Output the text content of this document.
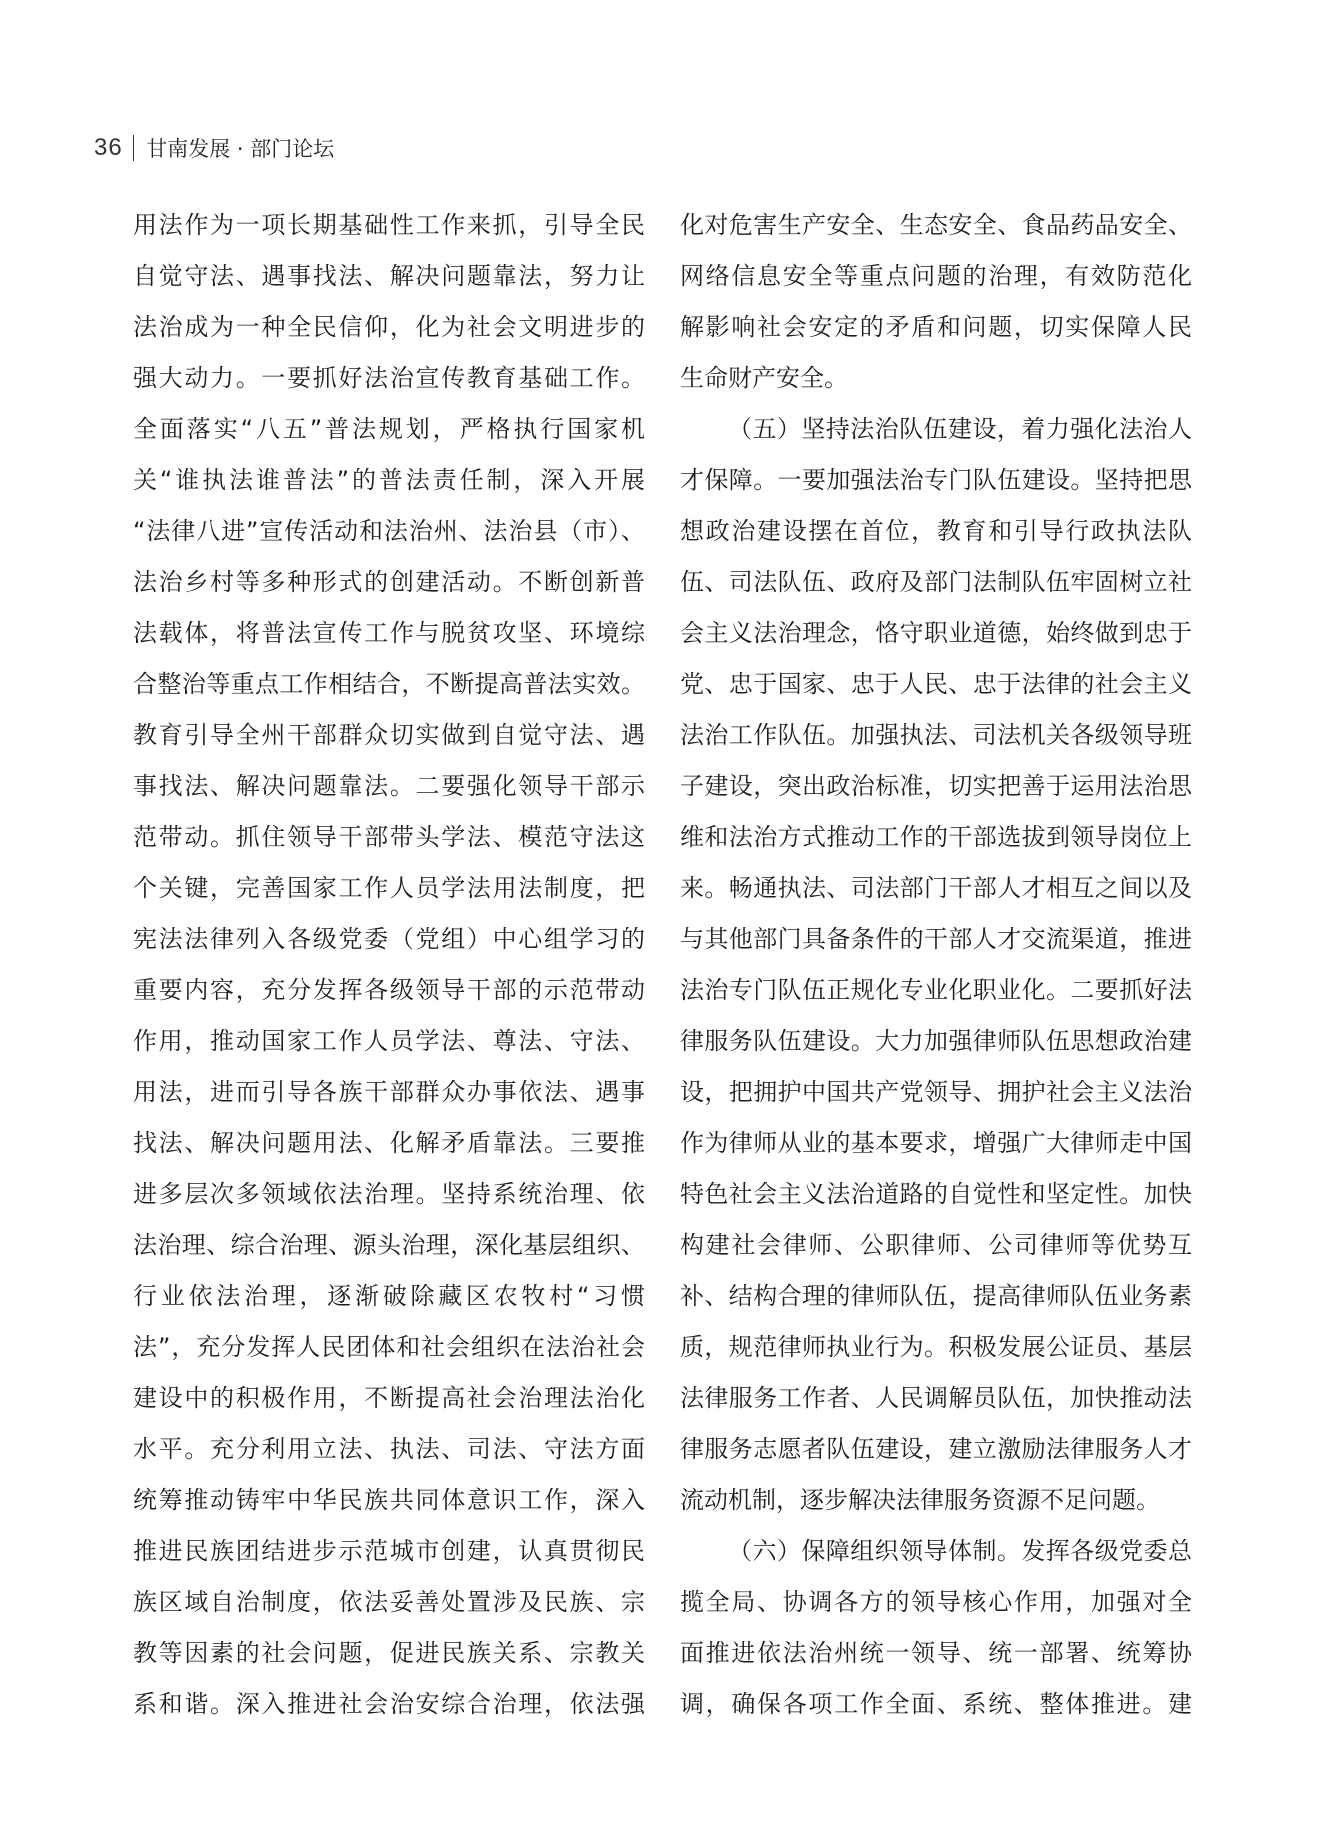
36 甘南发展 · 部门论坛
用法作为一项长期基础性工作来抓，引导全民
自觉守法、遇事找法、解决问题靠法，努力让
法治成为一种全民信仰，化为社会文明进步的
强大动力。一要抓好法治宣传教育基础工作。
全面落实“八五”普法规划，严格执行国家机
关“谁执法谁普法”的普法责任制，深入开展
“法律八进”宣传活动和法治州、法治县（市）、
法治乡村等多种形式的创建活动。不断创新普
法载体，将普法宣传工作与脱贫攻坚、环境综
合整治等重点工作相结合，不断提高普法实效。
教育引导全州干部群众切实做到自觉守法、遇
事找法、解决问题靠法。二要强化领导干部示
范带动。抓住领导干部带头学法、模范守法这
个关键，完善国家工作人员学法用法制度，把
宪法法律列入各级党委（党组）中心组学习的
重要内容，充分发挥各级领导干部的示范带动
作用，推动国家工作人员学法、尊法、守法、
用法，进而引导各族干部群众办事依法、遇事
找法、解决问题用法、化解矛盾靠法。三要推
进多层次多领域依法治理。坚持系统治理、依
法治理、综合治理、源头治理，深化基层组织、
行业依法治理，逐渐破除藏区农牧村“习惯
法”，充分发挥人民团体和社会组织在法治社会
建设中的积极作用，不断提高社会治理法治化
水平。充分利用立法、执法、司法、守法方面
统筹推动铸牢中华民族共同体意识工作，深入
推进民族团结进步示范城市创建，认真贯彻民
族区域自治制度，依法妥善处置涉及民族、宗
教等因素的社会问题，促进民族关系、宗教关
系和谐。深入推进社会治安综合治理，依法强
化对危害生产安全、生态安全、食品药品安全、
网络信息安全等重点问题的治理，有效防范化
解影响社会安定的矛盾和问题，切实保障人民
生命财产安全。
（五）坚持法治队伍建设，着力强化法治人
才保障。一要加强法治专门队伍建设。坚持把思
想政治建设摆在首位，教育和引导行政执法队
伍、司法队伍、政府及部门法制队伍牢固树立社
会主义法治理念，恪守职业道德，始终做到忠于
党、忠于国家、忠于人民、忠于法律的社会主义
法治工作队伍。加强执法、司法机关各级领导班
子建设，突出政治标准，切实把善于运用法治思
维和法治方式推动工作的干部选拔到领导岗位上
来。畅通执法、司法部门干部人才相互之间以及
与其他部门具备条件的干部人才交流渠道，推进
法治专门队伍正规化专业化职业化。二要抓好法
律服务队伍建设。大力加强律师队伍思想政治建
设，把拥护中国共产党领导、拥护社会主义法治
作为律师从业的基本要求，增强广大律师走中国
特色社会主义法治道路的自觉性和坚定性。加快
构建社会律师、公职律师、公司律师等优势互
补、结构合理的律师队伍，提高律师队伍业务素
质，规范律师执业行为。积极发展公证员、基层
法律服务工作者、人民调解员队伍，加快推动法
律服务志愿者队伍建设，建立激励法律服务人才
流动机制，逐步解决法律服务资源不足问题。
（六）保障组织领导体制。发挥各级党委总
揽全局、协调各方的领导核心作用，加强对全
面推进依法治州统一领导、统一部署、统筹协
调，确保各项工作全面、系统、整体推进。建
